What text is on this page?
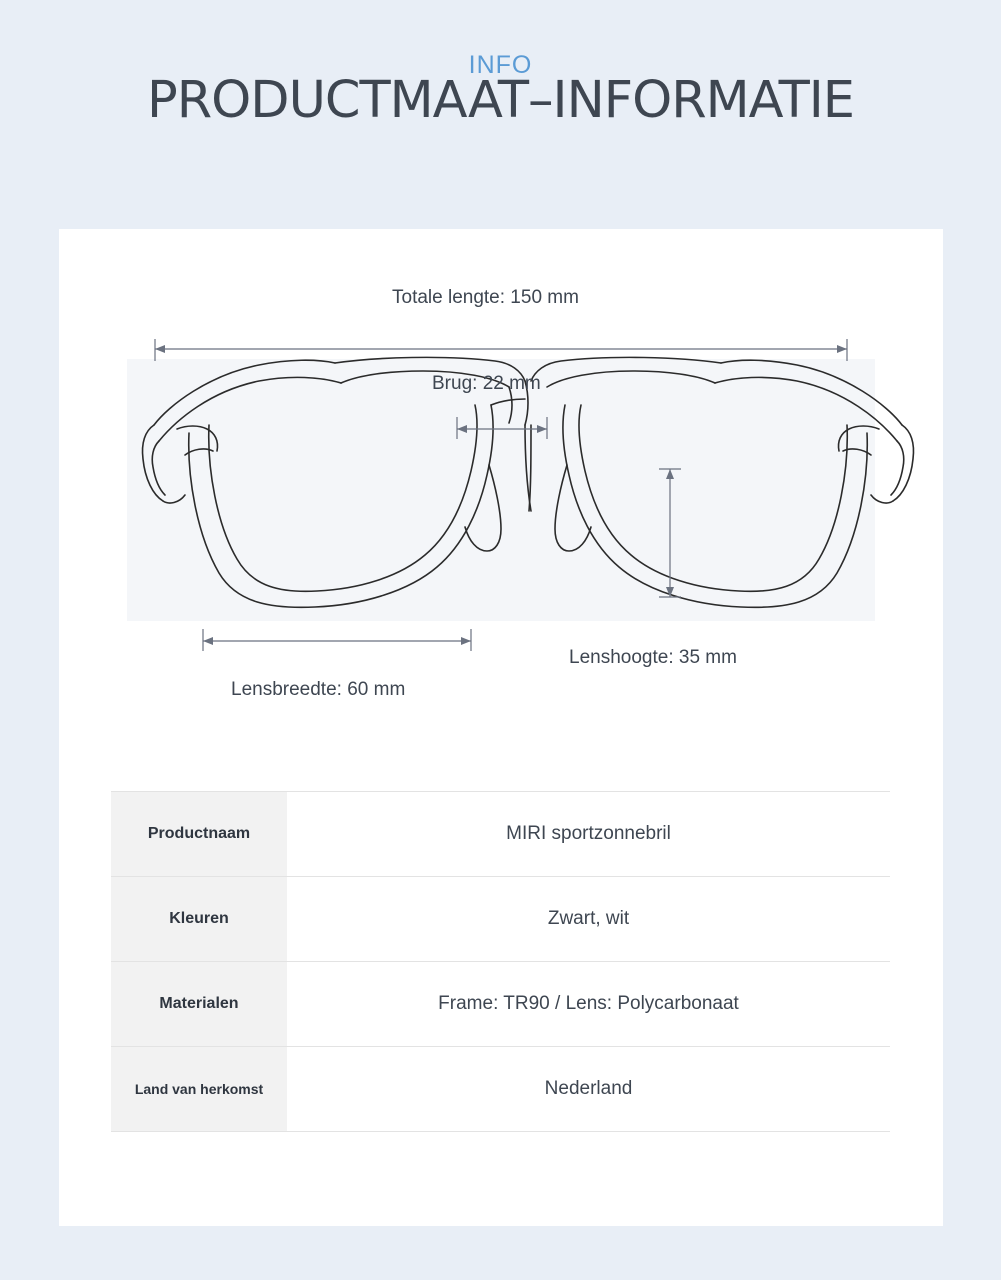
INFO
PRODUCTMAAT–INFORMATIE
Totale lengte: 150 mm
Brug: 22 mm
Lenshoogte: 35 mm
Lensbreedte: 60 mm
Productnaam	MIRI sportzonnebril
Kleuren	Zwart, wit
Materialen	Frame: TR90 / Lens: Polycarbonaat
Land van herkomst	Nederland
